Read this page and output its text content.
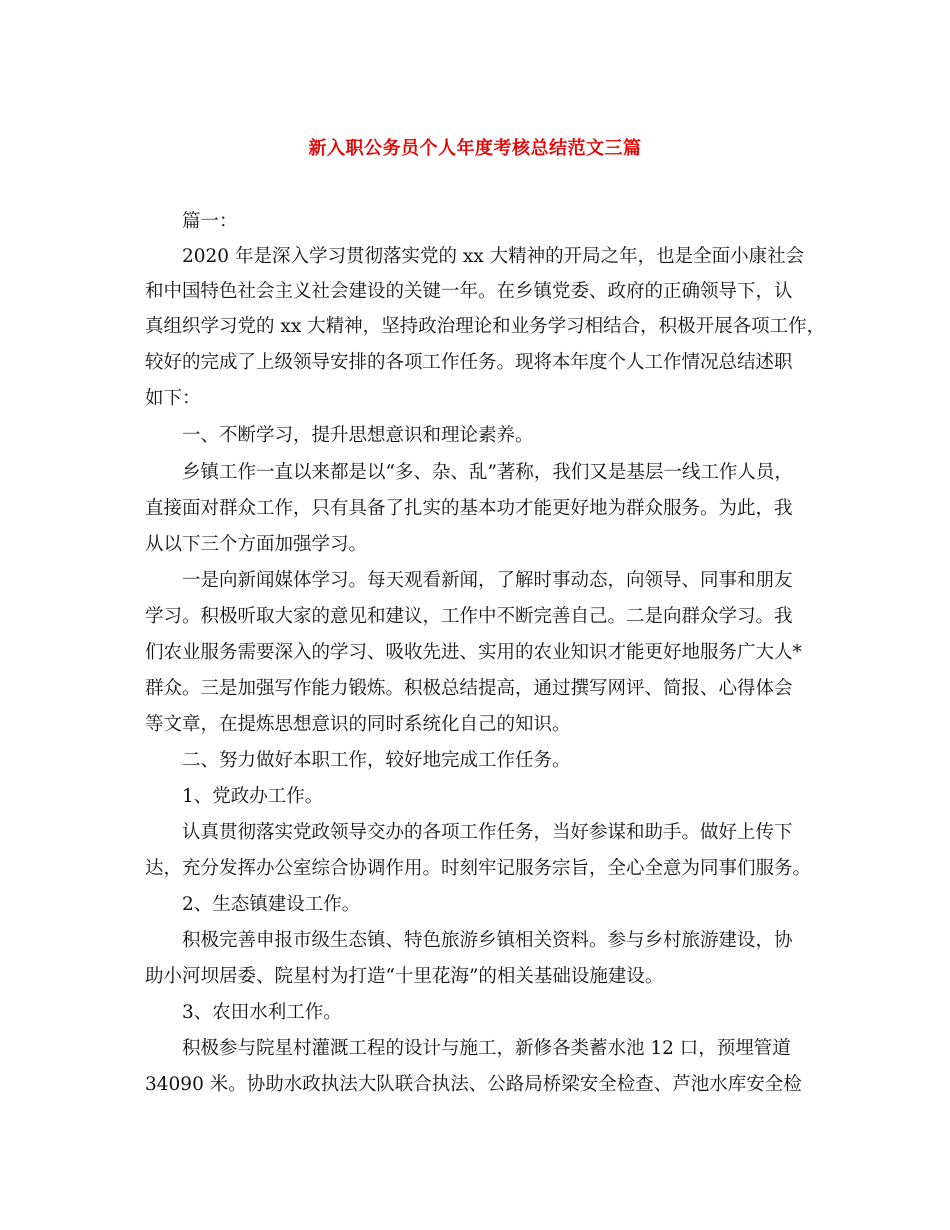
新入职公务员个人年度考核总结范文三篇
篇一：
2020 年是深入学习贯彻落实党的 xx 大精神的开局之年，也是全面小康社会
和中国特色社会主义社会建设的关键一年。在乡镇党委、政府的正确领导下，认
真组织学习党的 xx 大精神，坚持政治理论和业务学习相结合，积极开展各项工作，
较好的完成了上级领导安排的各项工作任务。现将本年度个人工作情况总结述职
如下：
一、不断学习，提升思想意识和理论素养。
乡镇工作一直以来都是以“多、杂、乱”著称，我们又是基层一线工作人员，
直接面对群众工作，只有具备了扎实的基本功才能更好地为群众服务。为此，我
从以下三个方面加强学习。
一是向新闻媒体学习。每天观看新闻，了解时事动态，向领导、同事和朋友
学习。积极听取大家的意见和建议，工作中不断完善自己。二是向群众学习。我
们农业服务需要深入的学习、吸收先进、实用的农业知识才能更好地服务广大人*
群众。三是加强写作能力锻炼。积极总结提高，通过撰写网评、简报、心得体会
等文章，在提炼思想意识的同时系统化自己的知识。
二、努力做好本职工作，较好地完成工作任务。
1、党政办工作。
认真贯彻落实党政领导交办的各项工作任务，当好参谋和助手。做好上传下
达，充分发挥办公室综合协调作用。时刻牢记服务宗旨，全心全意为同事们服务。
2、生态镇建设工作。
积极完善申报市级生态镇、特色旅游乡镇相关资料。参与乡村旅游建设，协
助小河坝居委、院星村为打造“十里花海”的相关基础设施建设。
3、农田水利工作。
积极参与院星村灌溉工程的设计与施工，新修各类蓄水池 12 口，预埋管道
34090 米。协助水政执法大队联合执法、公路局桥梁安全检查、芦池水库安全检
